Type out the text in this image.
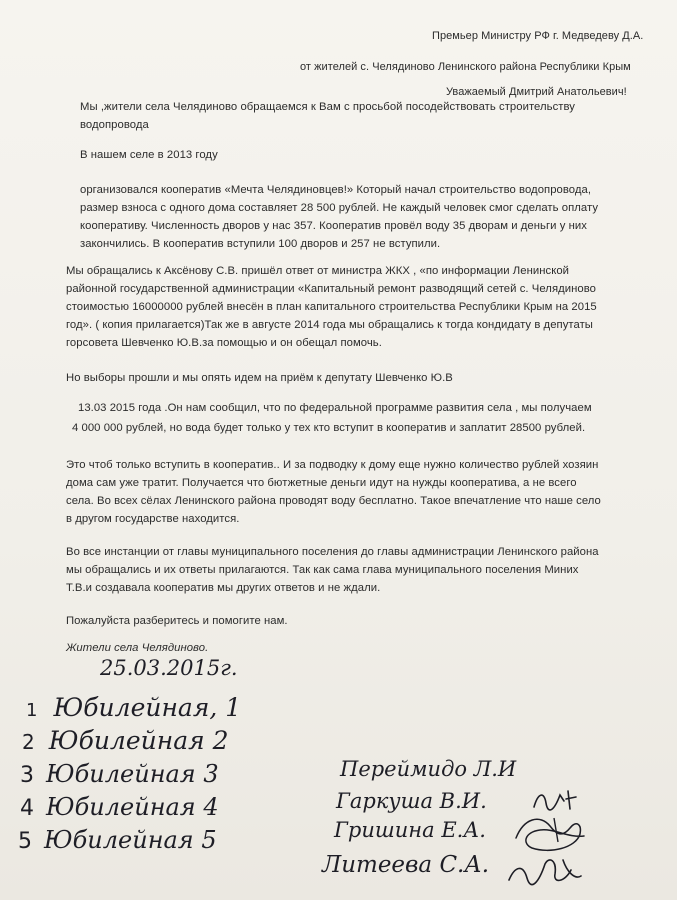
Премьер Министру РФ г. Медведеву Д.А.
от жителей с. Челядиново Ленинского района Республики Крым
Уважаемый Дмитрий Анатольевич!
Мы ,жители села Челядиново обращаемся к Вам с просьбой посодействовать строительству
водопровода
В нашем селе в 2013 году
организовался кооператив «Мечта Челядиновцев!» Который начал строительство водопровода,
размер взноса с одного дома составляет 28 500 рублей. Не каждый человек смог сделать оплату
кооперативу. Численность дворов у нас 357. Кооператив провёл воду 35 дворам и деньги у них
закончились. В кооператив вступили 100 дворов и 257 не вступили.
Мы обращались к Аксёнову С.В. пришёл ответ от министра ЖКХ , «по информации Ленинской
районной государственной администрации «Капитальный ремонт разводящий сетей с. Челядиново
стоимостью 16000000 рублей внесён в план капитального строительства Республики Крым на 2015
год». ( копия прилагается)Так же в августе 2014 года мы обращались к тогда кондидату в депутаты
горсовета Шевченко Ю.В.за помощью и он обещал помочь.
Но выборы прошли и мы опять идем на приём к депутату Шевченко Ю.В
13.03 2015 года .Он нам сообщил, что по федеральной программе развития села , мы получаем
4 000 000 рублей, но вода будет только у тех кто вступит в кооператив и заплатит 28500 рублей.
Это чтоб только вступить в кооператив.. И за подводку к дому еще нужно количество рублей хозяин
дома сам уже тратит. Получается что бютжетные деньги идут на нужды кооператива, а не всего
села. Во всех сёлах Ленинского района проводят воду бесплатно. Такое впечатление что наше село
в другом государстве находится.
Во все инстанции от главы муниципального поселения до главы администрации Ленинского района
мы обращались и их ответы прилагаются. Так как сама глава муниципального поселения Миних
Т.В.и создавала кооператив мы других ответов и не ждали.
Пожалуйста разберитесь и помогите нам.
Жители села Челядиново.
25.03.2015г.
1 Юбилейная, 1
2 Юбилейная 2
3 Юбилейная 3
4 Юбилейная 4
5 Юбилейная 5
Переймидо Л.И
Гаркуша В.И.
Гришина Е.А.
Литеева С.А.
